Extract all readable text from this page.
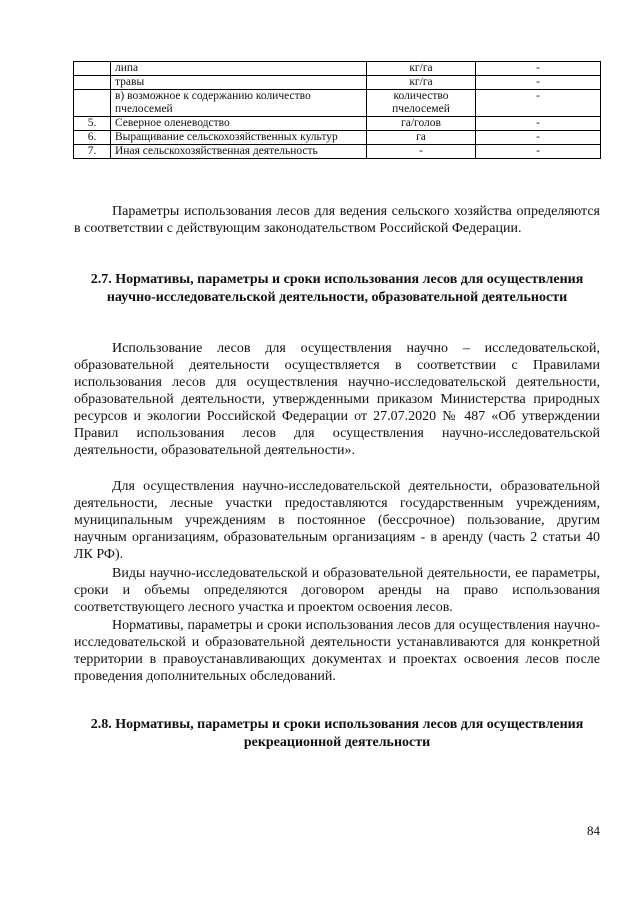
	липа	кг/га	-
	травы	кг/га	-
	в) возможное к содержанию количество пчелосемей	количество пчелосемей	-
5.	Северное оленеводство	га/голов	-
6.	Выращивание сельскохозяйственных культур	га	-
7.	Иная сельскохозяйственная деятельность	-	-

Параметры использования лесов для ведения сельского хозяйства определяются в соответствии с действующим законодательством Российской Федерации.

2.7. Нормативы, параметры и сроки использования лесов для осуществления научно-исследовательской деятельности, образовательной деятельности

Использование лесов для осуществления научно – исследовательской, образовательной деятельности осуществляется в соответствии с Правилами использования лесов для осуществления научно-исследовательской деятельности, образовательной деятельности, утвержденными приказом Министерства природных ресурсов и экологии Российской Федерации от 27.07.2020 № 487 «Об утверждении Правил использования лесов для осуществления научно-исследовательской деятельности, образовательной деятельности».

Для осуществления научно-исследовательской деятельности, образовательной деятельности, лесные участки предоставляются государственным учреждениям, муниципальным учреждениям в постоянное (бессрочное) пользование, другим научным организациям, образовательным организациям - в аренду (часть 2 статьи 40 ЛК РФ).

Виды научно-исследовательской и образовательной деятельности, ее параметры, сроки и объемы определяются договором аренды на право использования соответствующего лесного участка и проектом освоения лесов.

Нормативы, параметры и сроки использования лесов для осуществления научно-исследовательской и образовательной деятельности устанавливаются для конкретной территории в правоустанавливающих документах и проектах освоения лесов после проведения дополнительных обследований.

2.8. Нормативы, параметры и сроки использования лесов для осуществления рекреационной деятельности
84
